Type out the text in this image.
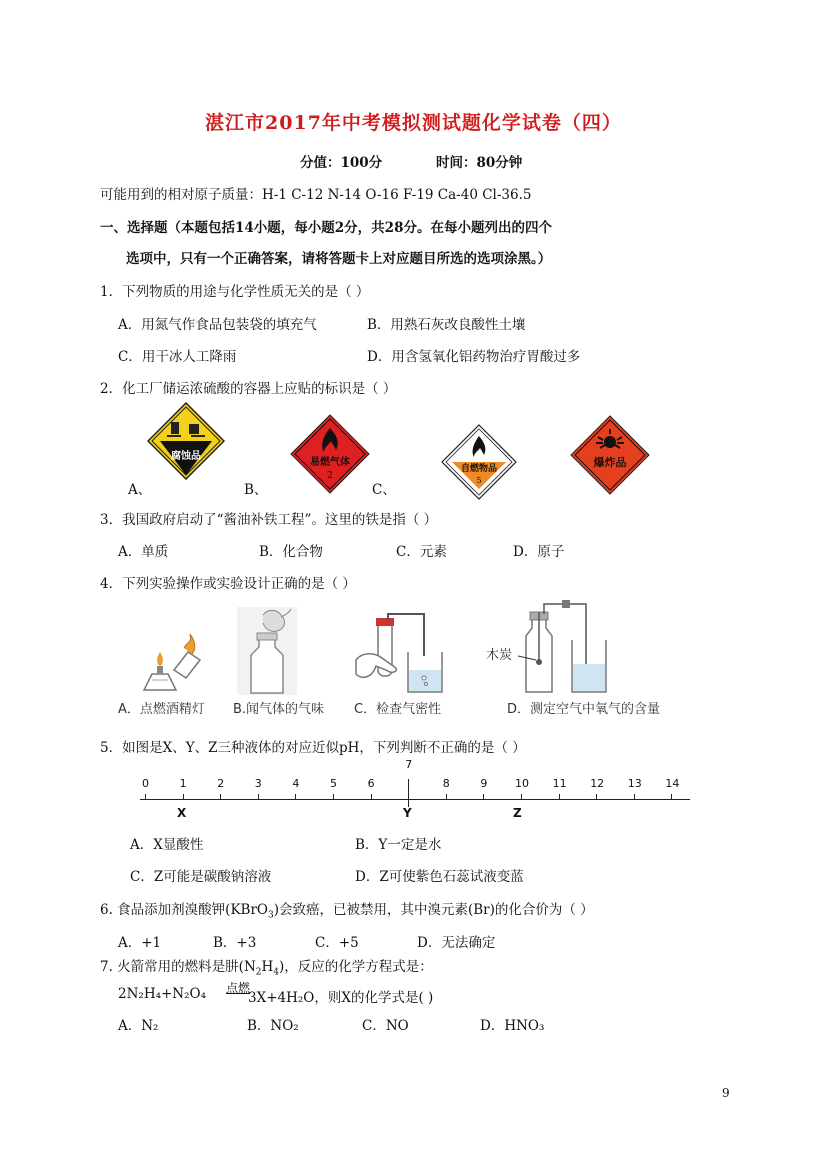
湛江市2017年中考模拟测试题化学试卷（四）
分值：100分	时间：80分钟
可能用到的相对原子质量：H-1 C-12 N-14 O-16 F-19 Ca-40 Cl-36.5
一、选择题（本题包括14小题，每小题2分，共28分。在每小题列出的四个
选项中，只有一个正确答案，请将答题卡上对应题目所选的选项涂黑。）
1．下列物质的用途与化学性质无关的是（ ）
A．用氮气作食品包装袋的填充气	B．用熟石灰改良酸性土壤
C．用干冰人工降雨	D．用含氢氧化铝药物治疗胃酸过多
2．化工厂储运浓硫酸的容器上应贴的标识是（ ）
腐蚀品
A、
易燃气体
2
B、
自燃物品
5
C、
爆炸品
3．我国政府启动了“酱油补铁工程”。这里的铁是指（ ）
A．单质	B．化合物	C．元素	D．原子
4．下列实验操作或实验设计正确的是（ ）
A．点燃酒精灯 B.闻气体的气味 C．检查气密性
木炭
D．测定空气中氧气的含量
5．如图是X、Y、Z三种液体的对应近似pH，下列判断不正确的是（ ）
0	1	2	3	4	5	6
7
8	9	10 11 12 13 14
X	Y	Z
A．X显酸性	B．Y一定是水
C．Z可能是碳酸钠溶液	D．Z可使紫色石蕊试液变蓝
6. 食品添加剂溴酸钾(KBrO$_3$)会致癌，已被禁用，其中溴元素(Br)的化合价为（ ）
A．+1	B．+3	C．+5	D．无法确定
7. 火箭常用的燃料是肼$(N_2H_4)$，反应的化学方程式是：
2N₂H₄+N₂O₄ 点燃
3X+4H₂O，则X的化学式是( )
A．N₂	B．NO₂	C．NO	D．HNO₃
9
